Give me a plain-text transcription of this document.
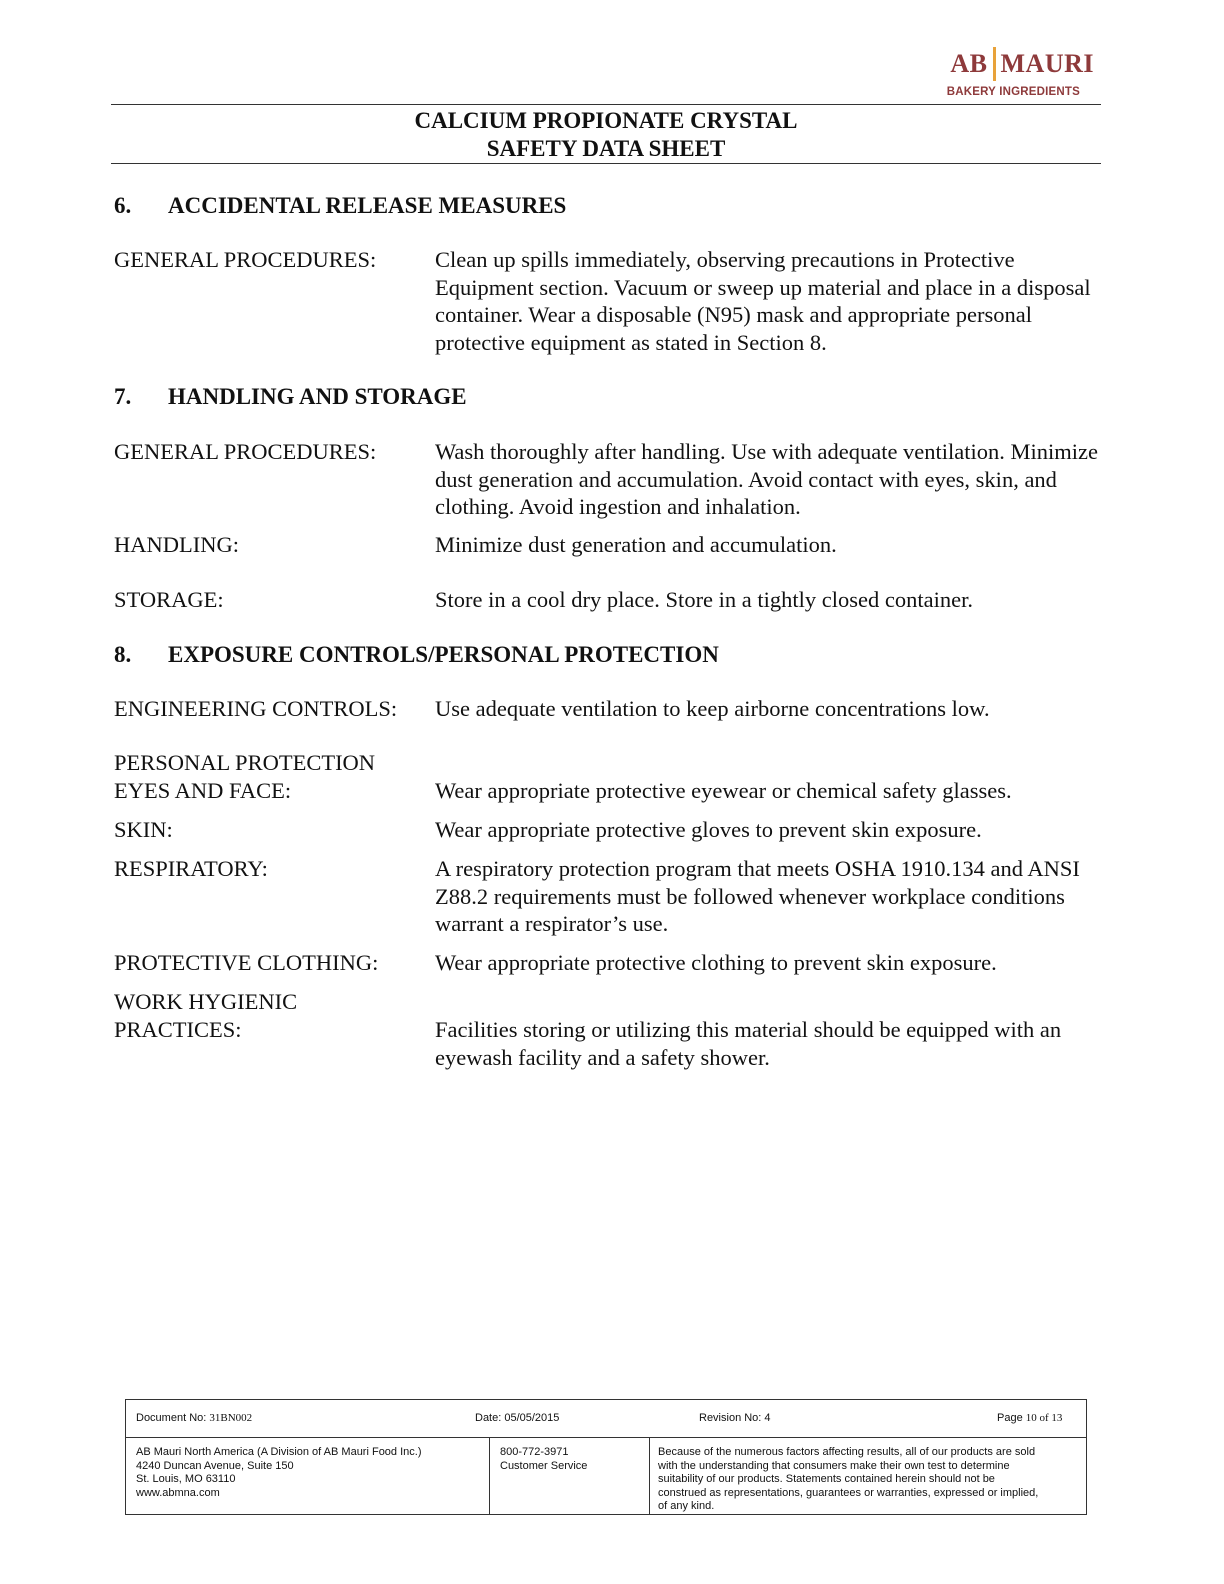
AB MAURI
BAKERY INGREDIENTS
CALCIUM PROPIONATE CRYSTAL
SAFETY DATA SHEET
6. ACCIDENTAL RELEASE MEASURES
GENERAL PROCEDURES:	Clean up spills immediately, observing precautions in Protective Equipment section. Vacuum or sweep up material and place in a disposal container. Wear a disposable (N95) mask and appropriate personal protective equipment as stated in Section 8.
7. HANDLING AND STORAGE
GENERAL PROCEDURES:	Wash thoroughly after handling. Use with adequate ventilation. Minimize dust generation and accumulation. Avoid contact with eyes, skin, and clothing. Avoid ingestion and inhalation.
HANDLING:	Minimize dust generation and accumulation.
STORAGE:	Store in a cool dry place. Store in a tightly closed container.
8. EXPOSURE CONTROLS/PERSONAL PROTECTION
ENGINEERING CONTROLS: Use adequate ventilation to keep airborne concentrations low.
PERSONAL PROTECTION
EYES AND FACE:	Wear appropriate protective eyewear or chemical safety glasses.
SKIN:	Wear appropriate protective gloves to prevent skin exposure.
RESPIRATORY:	A respiratory protection program that meets OSHA 1910.134 and ANSI Z88.2 requirements must be followed whenever workplace conditions warrant a respirator’s use.
PROTECTIVE CLOTHING:	Wear appropriate protective clothing to prevent skin exposure.
WORK HYGIENIC
PRACTICES:	Facilities storing or utilizing this material should be equipped with an eyewash facility and a safety shower.
Document No: 31BN002	Date: 05/05/2015	Revision No: 4	Page 10 of 13
AB Mauri North America (A Division of AB Mauri Food Inc.)
4240 Duncan Avenue, Suite 150
St. Louis, MO 63110
www.abmna.com
800-772-3971
Customer Service
Because of the numerous factors affecting results, all of our products are sold
with the understanding that consumers make their own test to determine
suitability of our products. Statements contained herein should not be
construed as representations, guarantees or warranties, expressed or implied,
of any kind.
